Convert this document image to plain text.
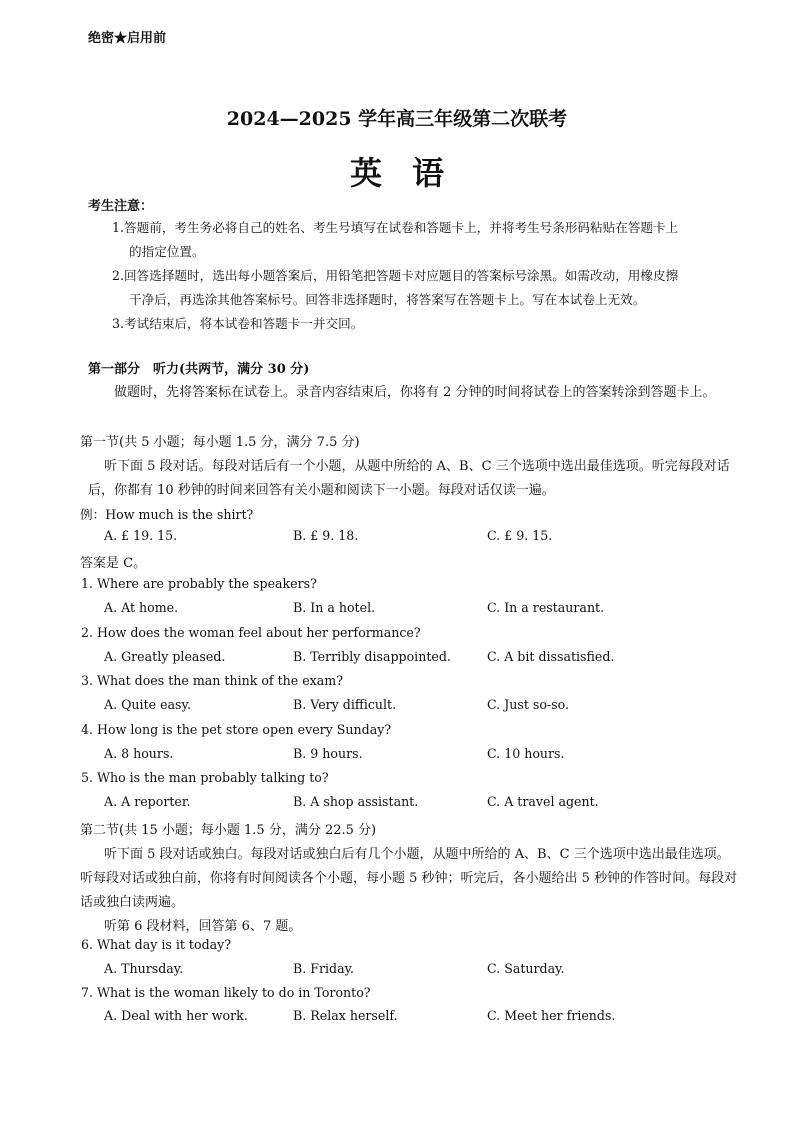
绝密★启用前
2024—2025 学年高三年级第二次联考
英语
考生注意：
1.答题前，考生务必将自己的姓名、考生号填写在试卷和答题卡上，并将考生号条形码粘贴在答题卡上
的指定位置。
2.回答选择题时，选出每小题答案后，用铅笔把答题卡对应题目的答案标号涂黑。如需改动，用橡皮擦
干净后，再选涂其他答案标号。回答非选择题时，将答案写在答题卡上。写在本试卷上无效。
3.考试结束后，将本试卷和答题卡一并交回。
第一部分　听力(共两节，满分 30 分)
做题时，先将答案标在试卷上。录音内容结束后，你将有 2 分钟的时间将试卷上的答案转涂到答题卡上。
第一节(共 5 小题；每小题 1.5 分，满分 7.5 分)
听下面 5 段对话。每段对话后有一个小题，从题中所给的 A、B、C 三个选项中选出最佳选项。听完每段对话后，你都有 10 秒钟的时间来回答有关小题和阅读下一小题。每段对话仅读一遍。
例：How much is the shirt?
A. £ 19. 15.	B. £ 9. 18.	C. £ 9. 15.
答案是 C。
1. Where are probably the speakers?
A. At home.	B. In a hotel.	C. In a restaurant.
2. How does the woman feel about her performance?
A. Greatly pleased.	B. Terribly disappointed.	C. A bit dissatisfied.
3. What does the man think of the exam?
A. Quite easy.	B. Very difficult.	C. Just so-so.
4. How long is the pet store open every Sunday?
A. 8 hours.	B. 9 hours.	C. 10 hours.
5. Who is the man probably talking to?
A. A reporter.	B. A shop assistant.	C. A travel agent.
第二节(共 15 小题；每小题 1.5 分，满分 22.5 分)
听下面 5 段对话或独白。每段对话或独白后有几个小题，从题中所给的 A、B、C 三个选项中选出最佳选项。听每段对话或独白前，你将有时间阅读各个小题，每小题 5 秒钟；听完后，各小题给出 5 秒钟的作答时间。每段对话或独白读两遍。
听第 6 段材料，回答第 6、7 题。
6. What day is it today?
A. Thursday.	B. Friday.	C. Saturday.
7. What is the woman likely to do in Toronto?
A. Deal with her work.	B. Relax herself.	C. Meet her friends.
